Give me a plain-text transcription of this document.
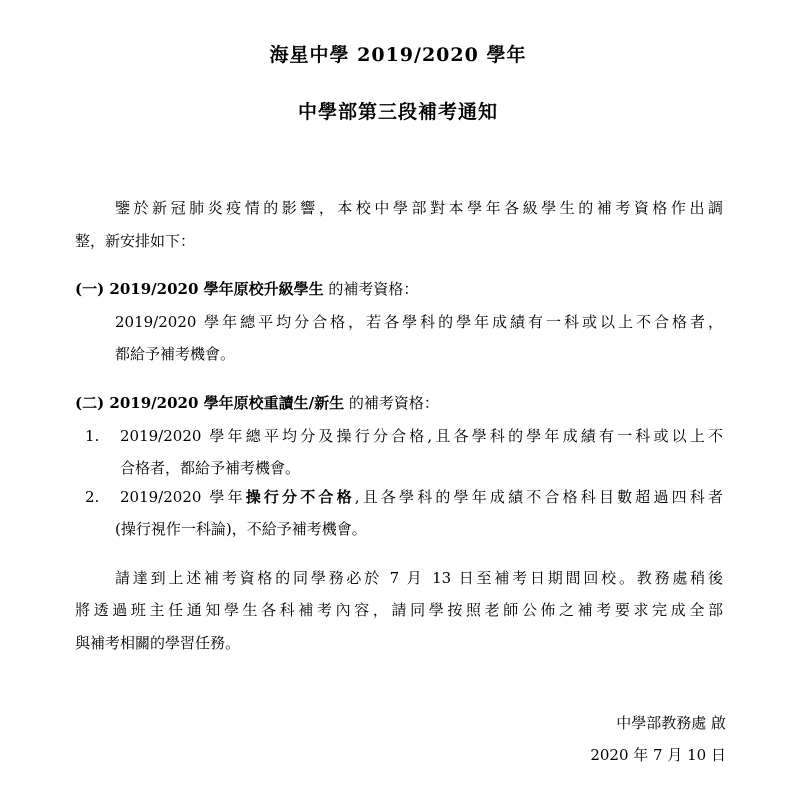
海星中學 2019/2020 學年
中學部第三段補考通知
鑒於新冠肺炎疫情的影響，本校中學部對本學年各級學生的補考資格作出調
整，新安排如下：
(一) 2019/2020 學年原校升級學生 的補考資格：
2019/2020 學年總平均分合格，若各學科的學年成績有一科或以上不合格者，
都給予補考機會。
(二) 2019/2020 學年原校重讀生/新生 的補考資格：
1. 2019/2020 學年總平均分及操行分合格,且各學科的學年成績有一科或以上不
合格者，都給予補考機會。
2. 2019/2020 學年操行分不合格,且各學科的學年成績不合格科目數超過四科者
(操行視作一科論)，不給予補考機會。
請達到上述補考資格的同學務必於 7 月 13 日至補考日期間回校。教務處稍後
將透過班主任通知學生各科補考內容，請同學按照老師公佈之補考要求完成全部
與補考相關的學習任務。
中學部教務處 啟
2020 年 7 月 10 日
